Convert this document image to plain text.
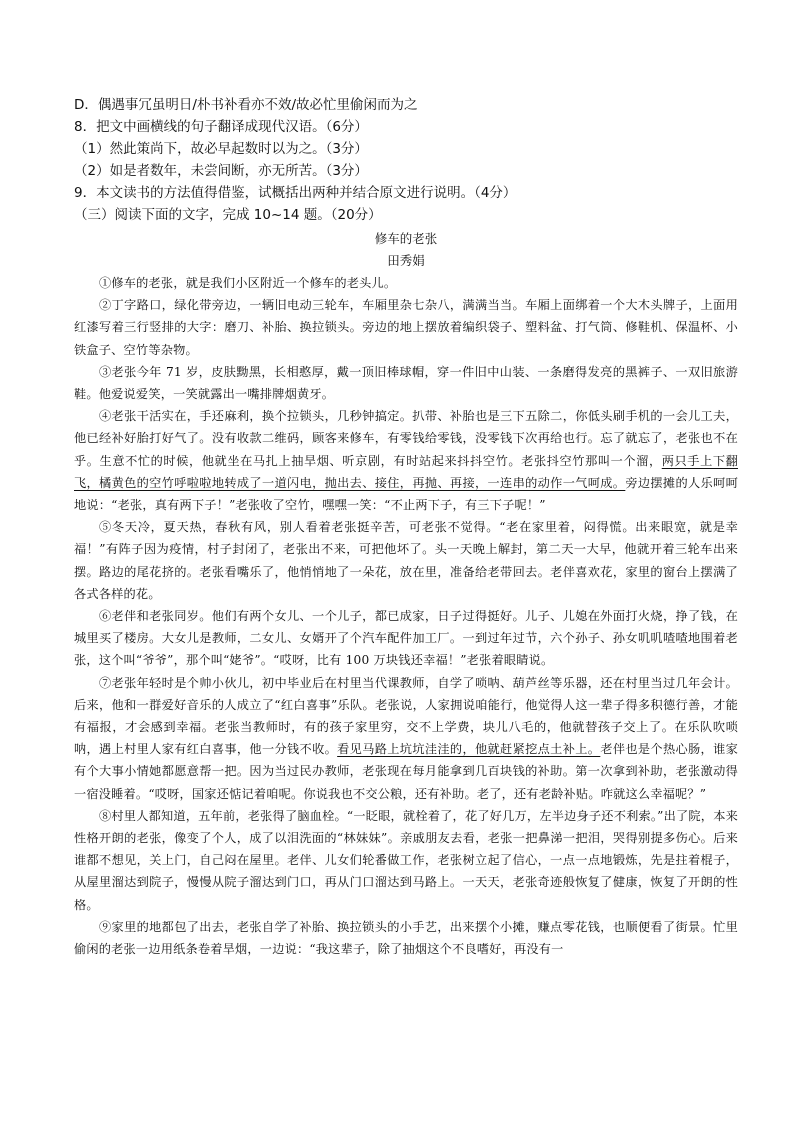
D．偶遇事冗虽明日/朴书补看亦不效/故必忙里偷闲而为之
8．把文中画横线的句子翻译成现代汉语。（6分）
（1）然此策尚下，故必早起数时以为之。（3分）
（2）如是者数年，未尝间断，亦无所苦。（3分）
9．本文读书的方法值得借鉴，试概括出两种并结合原文进行说明。（4分）
（三）阅读下面的文字，完成 10~14 题。（20分）
修车的老张
田秀娟

①修车的老张，就是我们小区附近一个修车的老头儿。

②丁字路口，绿化带旁边，一辆旧电动三轮车，车厢里杂七杂八，满满当当。车厢上面绑着一个大木头牌子，上面用红漆写着三行竖排的大字：磨刀、补胎、换拉锁头。旁边的地上摆放着编织袋子、塑料盆、打气筒、修鞋机、保温杯、小铁盒子、空竹等杂物。

③老张今年 71 岁，皮肤黝黑，长相憨厚，戴一顶旧棒球帽，穿一件旧中山装、一条磨得发亮的黑裤子、一双旧旅游鞋。他爱说爱笑，一笑就露出一嘴排牌烟黄牙。

④老张干活实在，手还麻利，换个拉锁头，几秒钟搞定。扒带、补胎也是三下五除二，你低头刷手机的一会儿工夫，他已经补好胎打好气了。没有收款二维码，顾客来修车，有零钱给零钱，没零钱下次再给也行。忘了就忘了，老张也不在乎。生意不忙的时候，他就坐在马扎上抽旱烟、听京剧，有时站起来抖抖空竹。老张抖空竹那叫一个溜，两只手上下翻飞，橘黄色的空竹呼啦啦地转成了一道闪电，抛出去、接住，再抛、再接，一连串的动作一气呵成。旁边摆摊的人乐呵呵地说：“老张，真有两下子！”老张收了空竹，嘿嘿一笑：“不止两下子，有三下子呢！”

⑤冬天冷，夏天热，春秋有风，别人看着老张挺辛苦，可老张不觉得。“老在家里着，闷得慌。出来眼宽，就是幸福！”有阵子因为疫情，村子封闭了，老张出不来，可把他坏了。头一天晚上解封，第二天一大早，他就开着三轮车出来摆。路边的尾花挤的。老张看嘴乐了，他悄悄地了一朵花，放在里，准备给老带回去。老伴喜欢花，家里的窗台上摆满了各式各样的花。

⑥老伴和老张同岁。他们有两个女儿、一个儿子，都已成家，日子过得挺好。儿子、儿媳在外面打火烧，挣了钱，在城里买了楼房。大女儿是教师，二女儿、女婿开了个汽车配件加工厂。一到过年过节，六个孙子、孙女叽叽喳喳地围着老张，这个叫“爷爷”，那个叫“姥爷”。“哎呀，比有 100 万块钱还幸福！”老张着眼睛说。

⑦老张年轻时是个帅小伙儿，初中毕业后在村里当代课教师，自学了唢呐、葫芦丝等乐器，还在村里当过几年会计。后来，他和一群爱好音乐的人成立了“红白喜事”乐队。老张说，人家拥说咱能行，他觉得人这一辈子得多积德行善，才能有福报，才会感到幸福。老张当教师时，有的孩子家里穷，交不上学费，块儿八毛的，他就替孩子交上了。在乐队吹唢呐，遇上村里人家有红白喜事，他一分钱不收。看见马路上坑坑洼洼的，他就赶紧挖点土补上。老伴也是个热心肠，谁家有个大事小情她都愿意帮一把。因为当过民办教师，老张现在每月能拿到几百块钱的补助。第一次拿到补助，老张激动得一宿没睡着。“哎呀，国家还惦记着咱呢。你说我也不交公粮，还有补助。老了，还有老龄补贴。咋就这么幸福呢？”

⑧村里人都知道，五年前，老张得了脑血栓。“一眨眼，就栓着了，花了好几万，左半边身子还不利索。”出了院，本来性格开朗的老张，像变了个人，成了以泪洗面的“林妹妹”。亲戚朋友去看，老张一把鼻涕一把泪，哭得别提多伤心。后来谁都不想见，关上门，自己闷在屋里。老伴、儿女们轮番做工作，老张树立起了信心，一点一点地锻炼，先是拄着棍子，从屋里溜达到院子，慢慢从院子溜达到门口，再从门口溜达到马路上。一天天，老张奇迹般恢复了健康，恢复了开朗的性格。

⑨家里的地都包了出去，老张自学了补胎、换拉锁头的小手艺，出来摆个小摊，赚点零花钱，也顺便看了街景。忙里偷闲的老张一边用纸条卷着旱烟，一边说：“我这辈子，除了抽烟这个不良嗜好，再没有一
